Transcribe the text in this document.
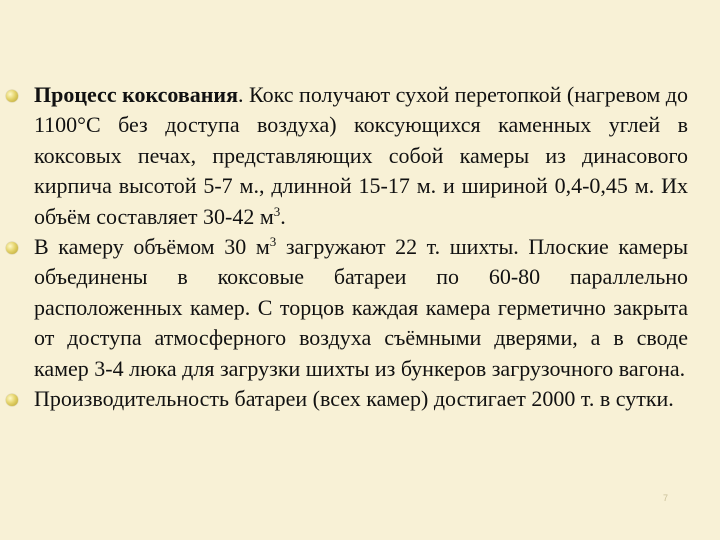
Процесс коксования. Кокс получают сухой перетопкой (нагревом до 1100°С без доступа воздуха) коксующихся каменных углей в коксовых печах, представляющих собой камеры из динасового кирпича высотой 5-7 м., длинной 15-17 м. и шириной 0,4-0,45 м. Их объём составляет 30-42 $м^3$.
В камеру объёмом 30 $м^3$ загружают 22 т. шихты. Плоские камеры объединены в коксовые батареи по 60-80 параллельно расположенных камер. С торцов каждая камера герметично закрыта от доступа атмосферного воздуха съёмными дверями, а в своде камер 3-4 люка для загрузки шихты из бункеров загрузочного вагона.
Производительность батареи (всех камер) достигает 2000 т. в сутки.
7
